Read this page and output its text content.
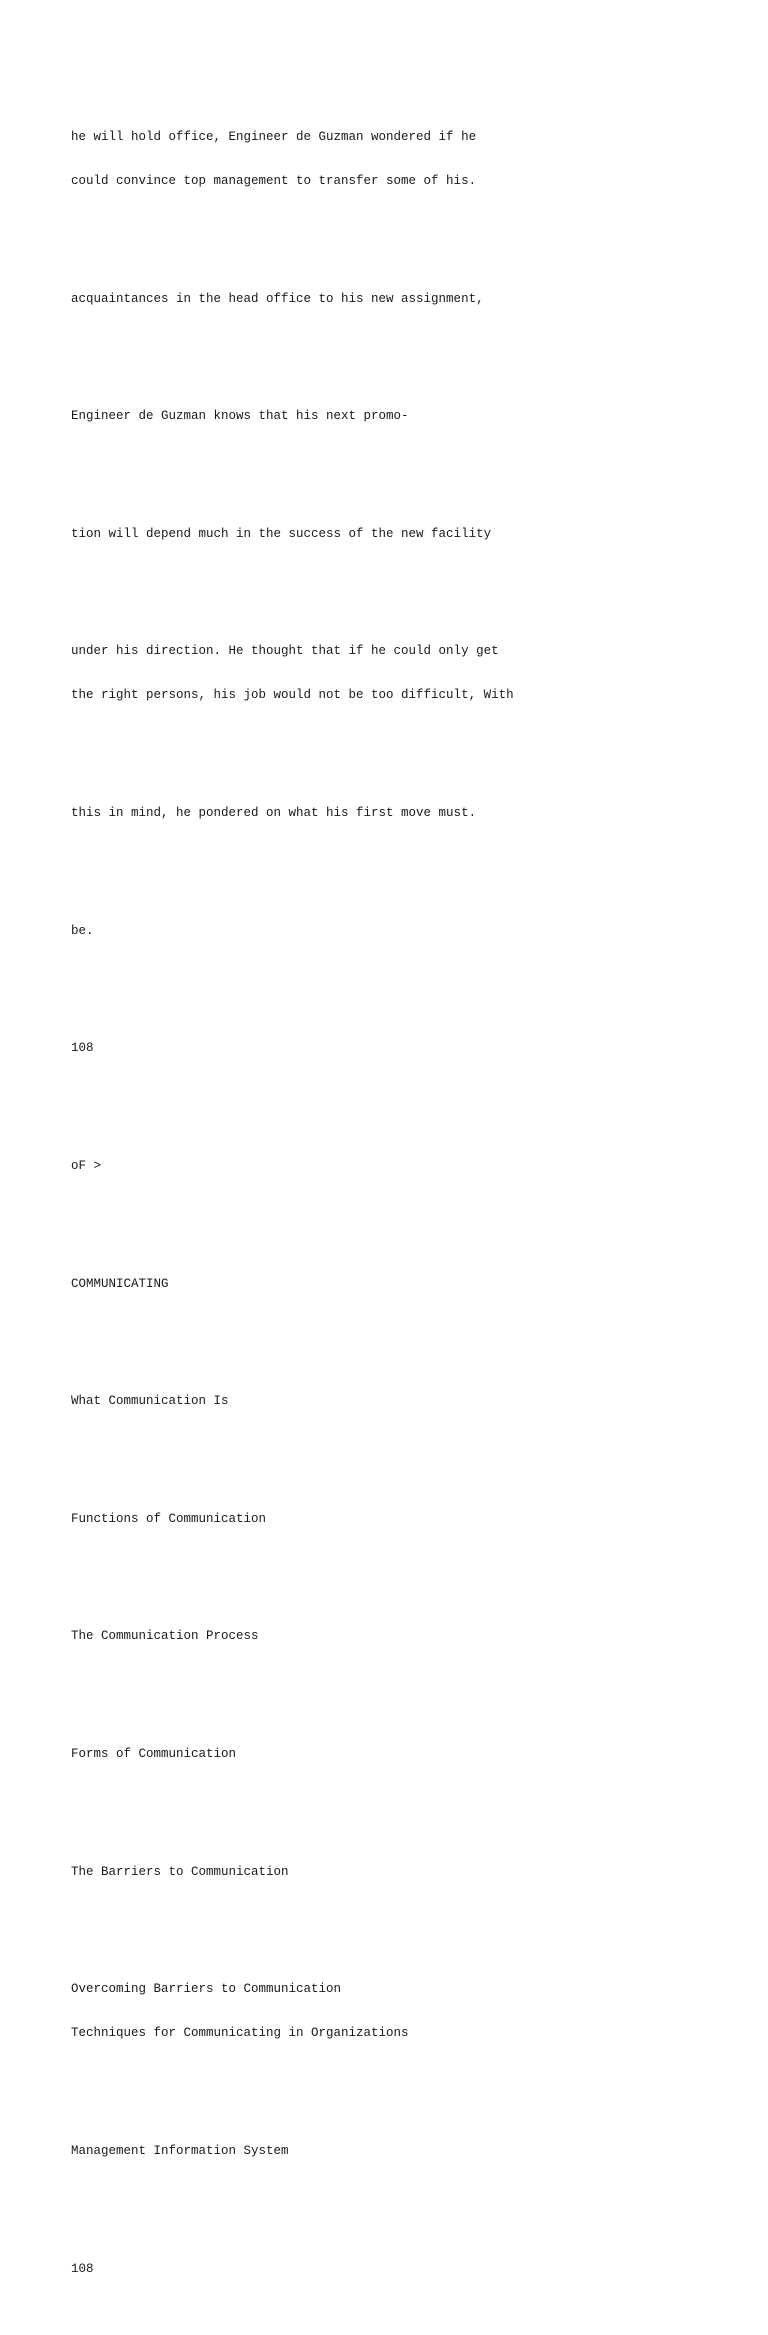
he will hold office, Engineer de Guzman wondered if he

could convince top management to transfer some of his.

acquaintances in the head office to his new assignment,

Engineer de Guzman knows that his next promo-

tion will depend much in the success of the new facility

under his direction. He thought that if he could only get

the right persons, his job would not be too difficult, With

this in mind, he pondered on what his first move must.

be.

108

oF >

COMMUNICATING

What Communication Is

Functions of Communication

The Communication Process

Forms of Communication

The Barriers to Communication

Overcoming Barriers to Communication

Techniques for Communicating in Organizations

Management Information System

108
